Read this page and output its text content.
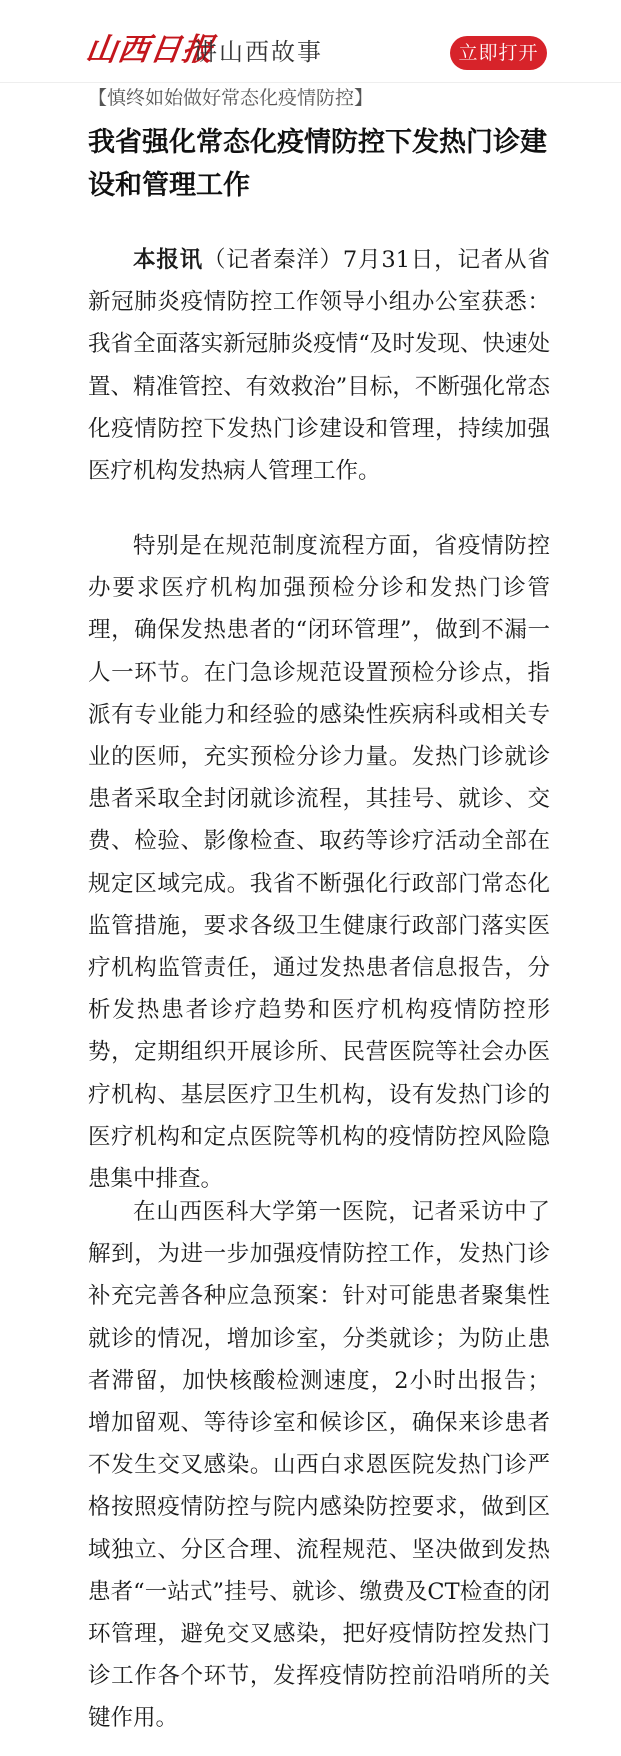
山西日报
讲山西故事	立即打开
【慎终如始做好常态化疫情防控】
我省强化常态化疫情防控下发热门诊建设和管理工作

本报讯（记者秦洋）7月31日，记者从省新冠肺炎疫情防控工作领导小组办公室获悉：我省全面落实新冠肺炎疫情“及时发现、快速处置、精准管控、有效救治”目标，不断强化常态化疫情防控下发热门诊建设和管理，持续加强医疗机构发热病人管理工作。

特别是在规范制度流程方面，省疫情防控办要求医疗机构加强预检分诊和发热门诊管理，确保发热患者的“闭环管理”，做到不漏一人一环节。在门急诊规范设置预检分诊点，指派有专业能力和经验的感染性疾病科或相关专业的医师，充实预检分诊力量。发热门诊就诊患者采取全封闭就诊流程，其挂号、就诊、交费、检验、影像检查、取药等诊疗活动全部在规定区域完成。我省不断强化行政部门常态化监管措施，要求各级卫生健康行政部门落实医疗机构监管责任，通过发热患者信息报告，分析发热患者诊疗趋势和医疗机构疫情防控形势，定期组织开展诊所、民营医院等社会办医疗机构、基层医疗卫生机构，设有发热门诊的医疗机构和定点医院等机构的疫情防控风险隐患集中排查。

在山西医科大学第一医院，记者采访中了解到，为进一步加强疫情防控工作，发热门诊补充完善各种应急预案：针对可能患者聚集性就诊的情况，增加诊室，分类就诊；为防止患者滞留，加快核酸检测速度，2小时出报告；增加留观、等待诊室和候诊区，确保来诊患者不发生交叉感染。山西白求恩医院发热门诊严格按照疫情防控与院内感染防控要求，做到区域独立、分区合理、流程规范、坚决做到发热患者“一站式”挂号、就诊、缴费及CT检查的闭环管理，避免交叉感染，把好疫情防控发热门诊工作各个环节，发挥疫情防控前沿哨所的关键作用。
